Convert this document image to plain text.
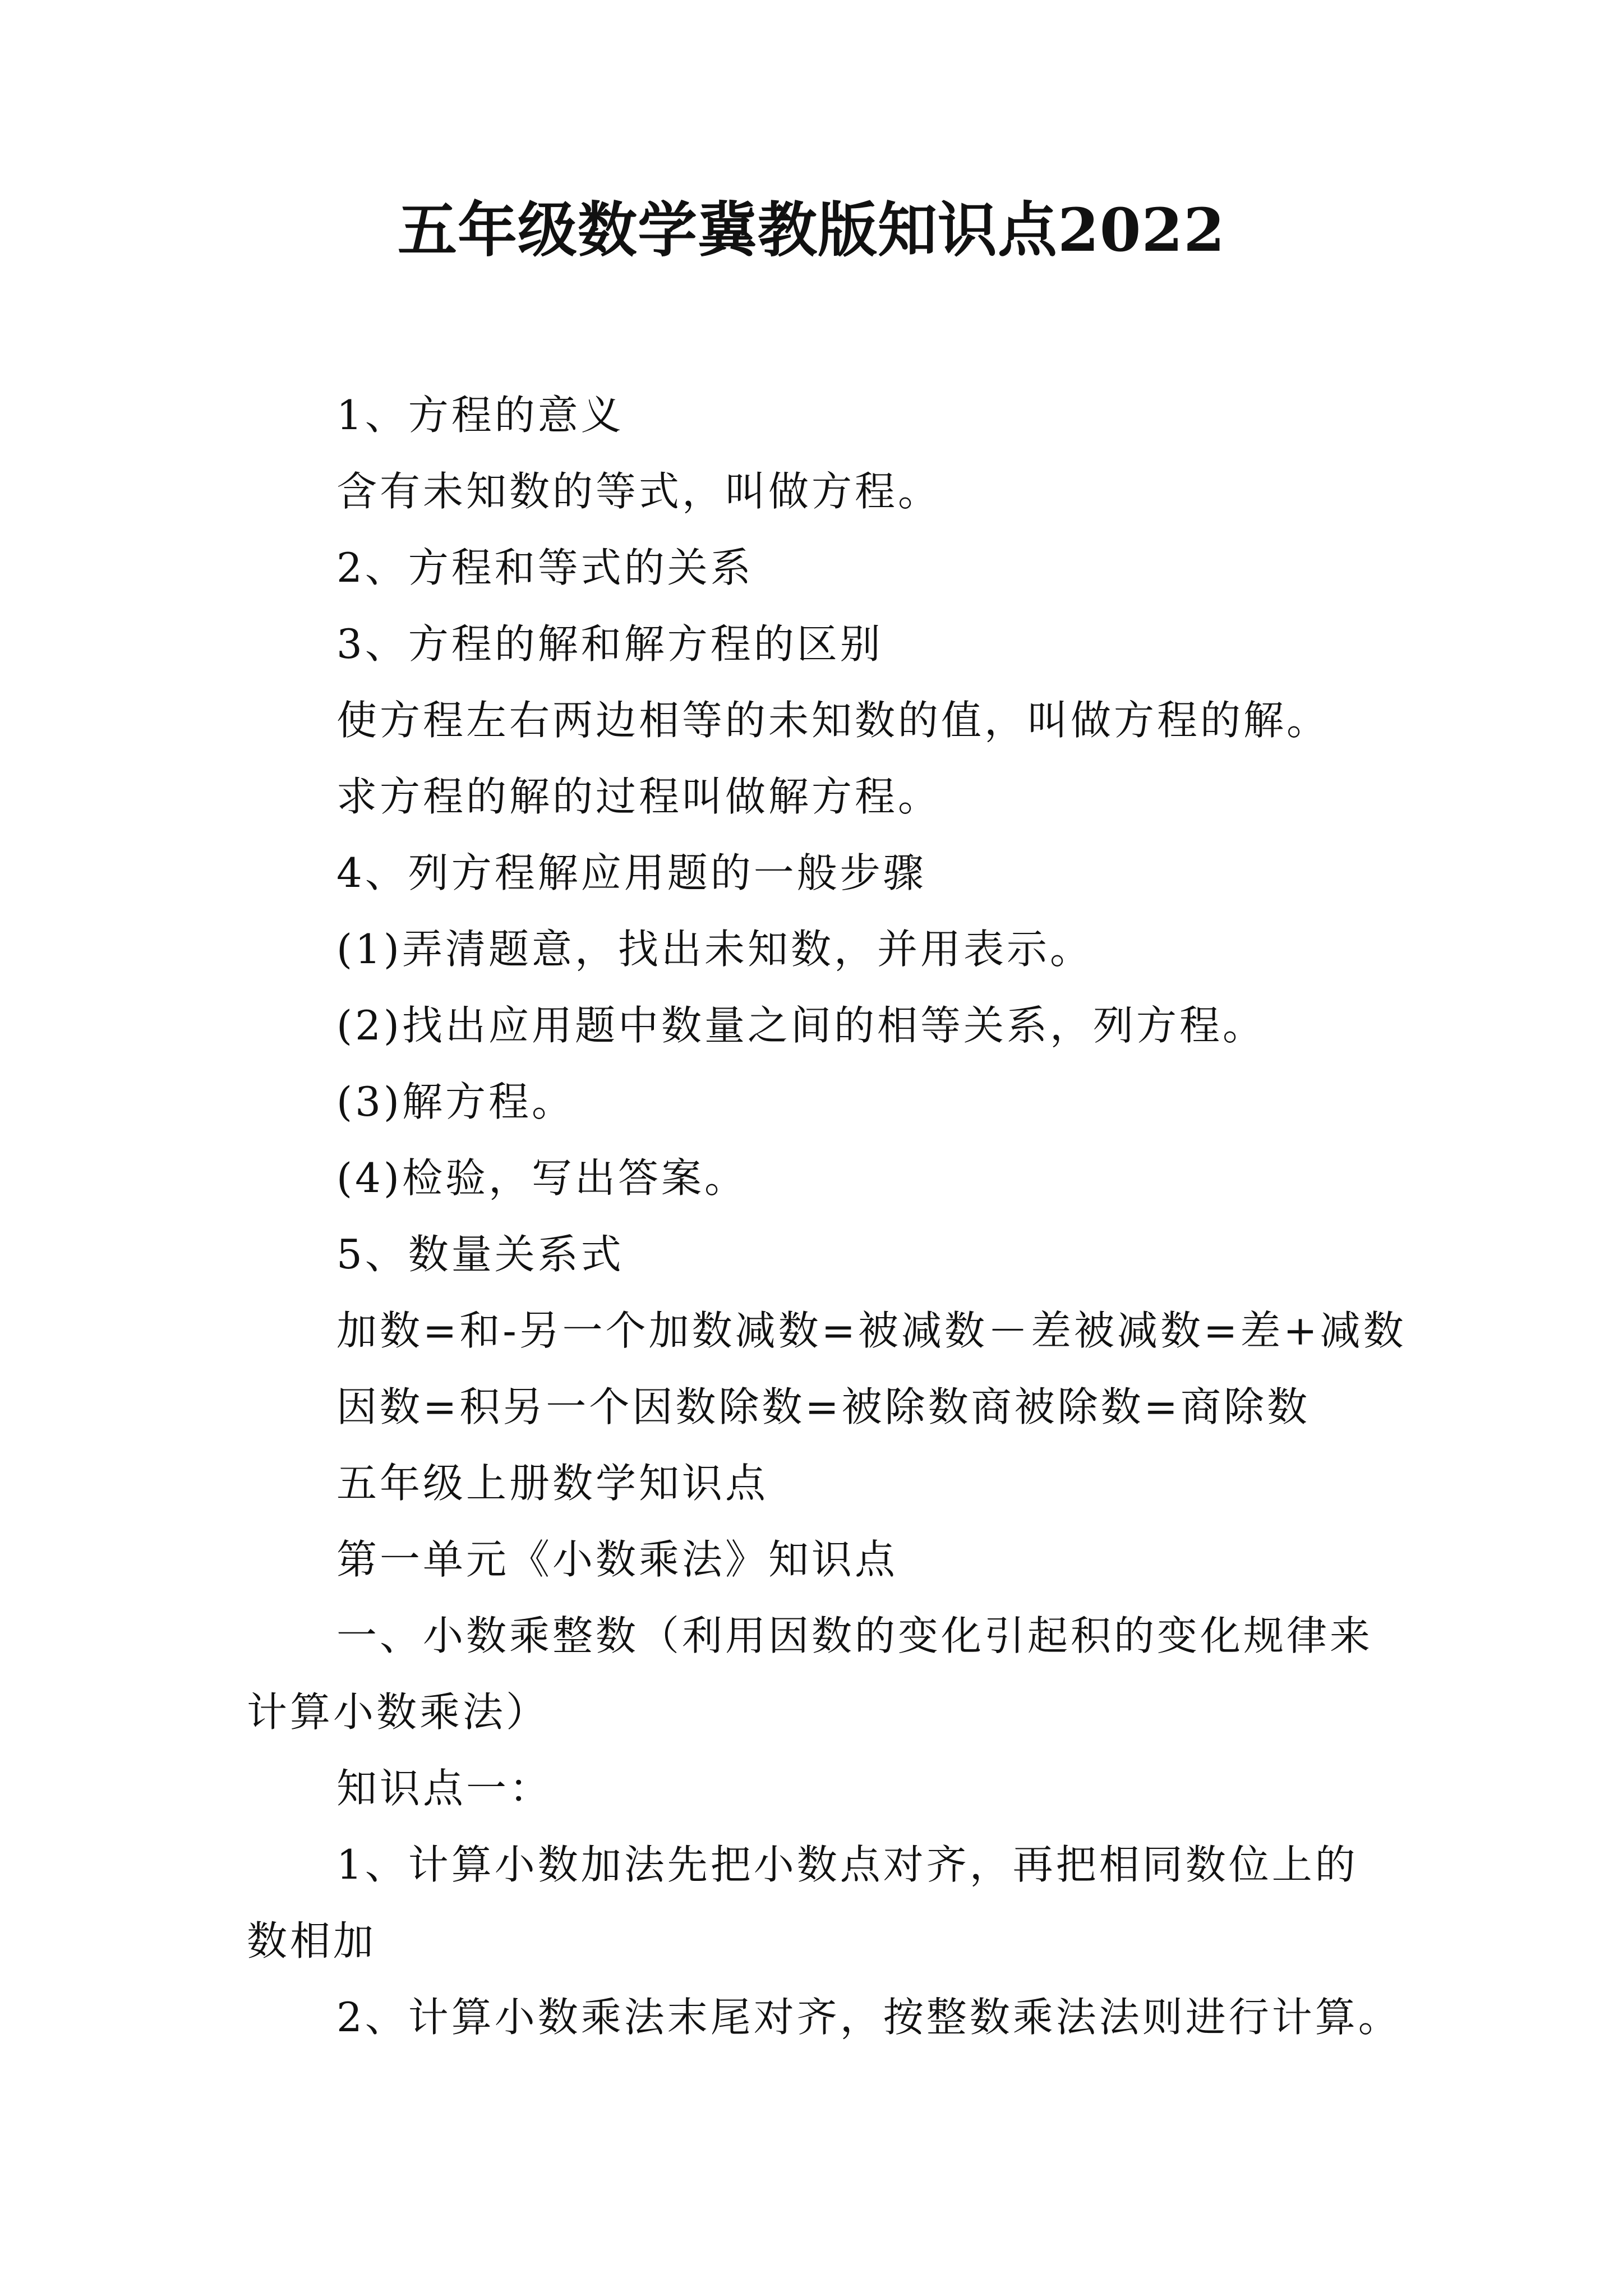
五年级数学冀教版知识点2022
1、方程的意义
含有未知数的等式，叫做方程。
2、方程和等式的关系
3、方程的解和解方程的区别
使方程左右两边相等的未知数的值，叫做方程的解。
求方程的解的过程叫做解方程。
4、列方程解应用题的一般步骤
(1)弄清题意，找出未知数，并用表示。
(2)找出应用题中数量之间的相等关系，列方程。
(3)解方程。
(4)检验，写出答案。
5、数量关系式
加数=和-另一个加数减数=被减数－差被减数=差+减数
因数=积另一个因数除数=被除数商被除数=商除数
五年级上册数学知识点
第一单元《小数乘法》知识点
一、小数乘整数（利用因数的变化引起积的变化规律来
计算小数乘法）
知识点一：
1、计算小数加法先把小数点对齐，再把相同数位上的
数相加
2、计算小数乘法末尾对齐，按整数乘法法则进行计算。
